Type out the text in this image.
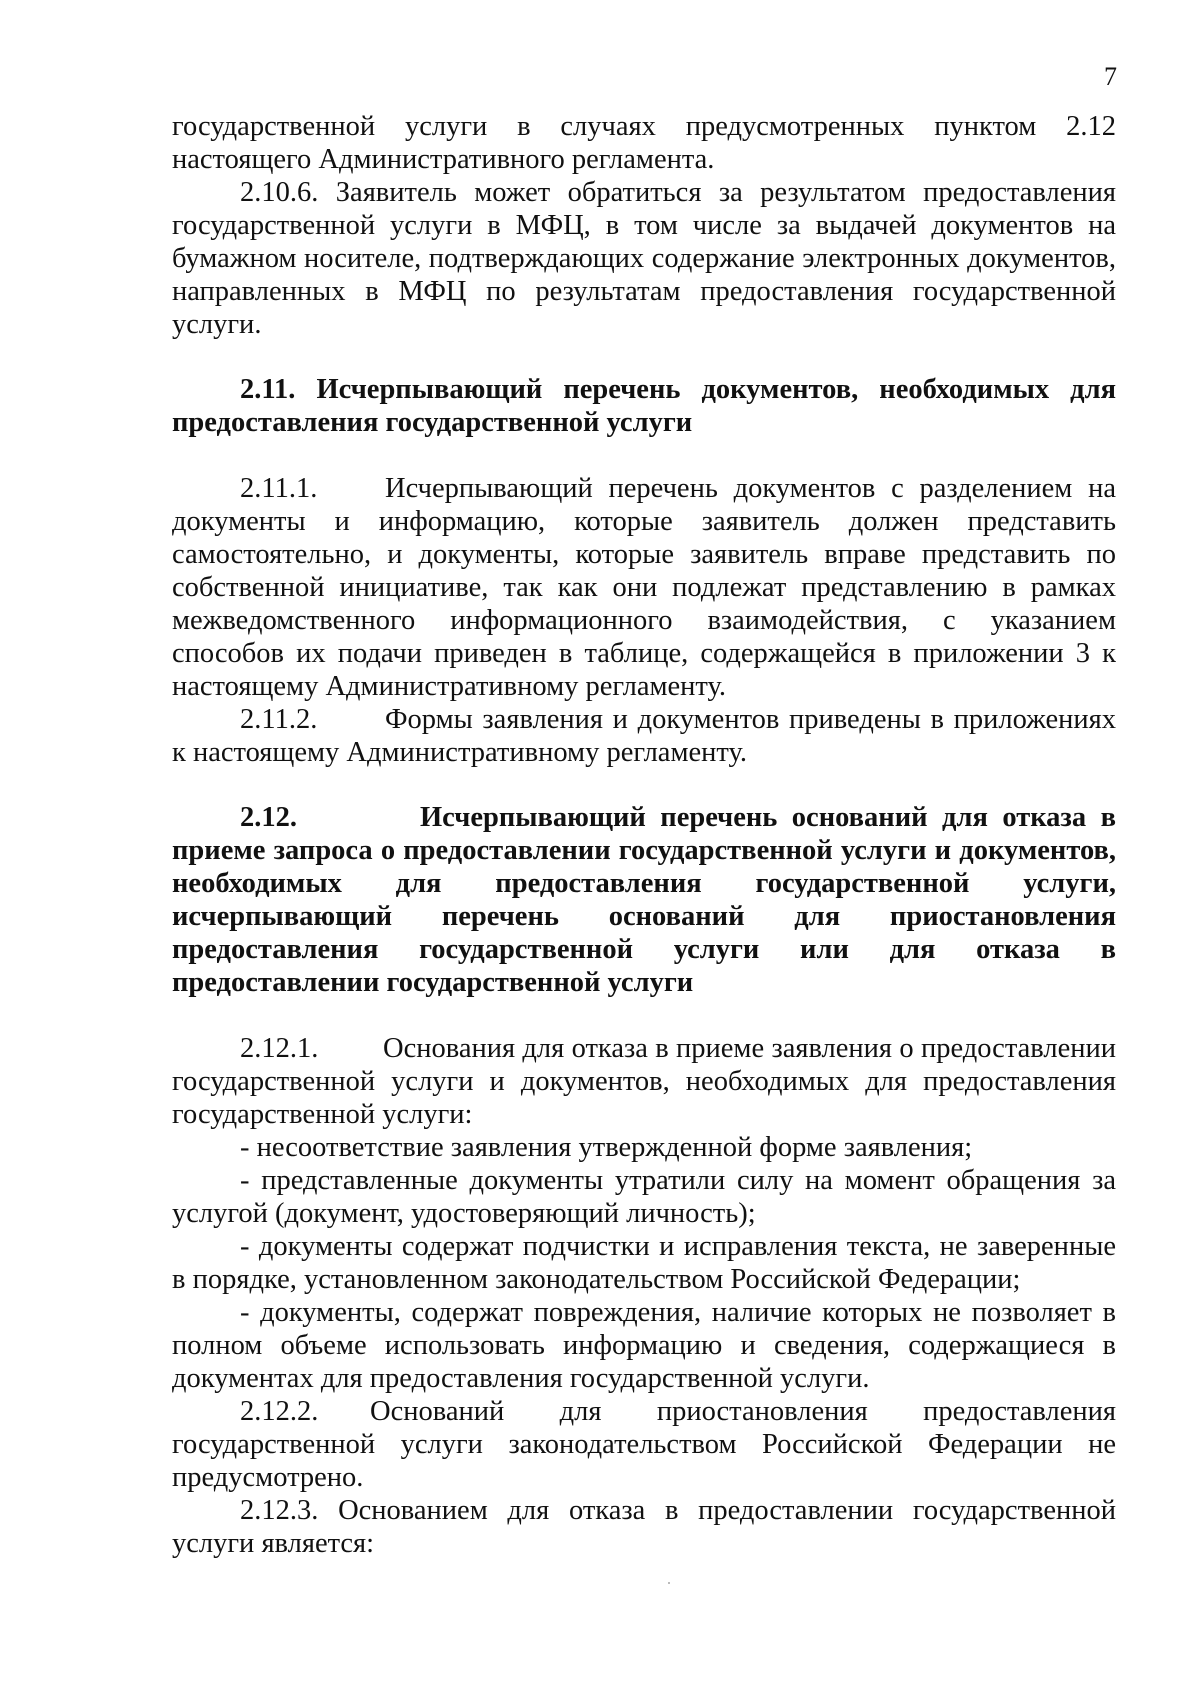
7

государственной услуги в случаях предусмотренных пунктом 2.12 настоящего Административного регламента.

2.10.6. Заявитель может обратиться за результатом предоставления государственной услуги в МФЦ, в том числе за выдачей документов на бумажном носителе, подтверждающих содержание электронных документов, направленных в МФЦ по результатам предоставления государственной услуги.

2.11. Исчерпывающий перечень документов, необходимых для предоставления государственной услуги

2.11.1. Исчерпывающий перечень документов с разделением на документы и информацию, которые заявитель должен представить самостоятельно, и документы, которые заявитель вправе представить по собственной инициативе, так как они подлежат представлению в рамках межведомственного информационного взаимодействия, с указанием способов их подачи приведен в таблице, содержащейся в приложении 3 к настоящему Административному регламенту.

2.11.2. Формы заявления и документов приведены в приложениях к настоящему Административному регламенту.

2.12.	Исчерпывающий перечень оснований для отказа в приеме запроса о предоставлении государственной услуги и документов, необходимых для предоставления государственной услуги, исчерпывающий перечень оснований для приостановления предоставления государственной услуги или для отказа в предоставлении государственной услуги

2.12.1. Основания для отказа в приеме заявления о предоставлении государственной услуги и документов, необходимых для предоставления государственной услуги:

- несоответствие заявления утвержденной форме заявления;

- представленные документы утратили силу на момент обращения за услугой (документ, удостоверяющий личность);

- документы содержат подчистки и исправления текста, не заверенные в порядке, установленном законодательством Российской Федерации;

- документы, содержат повреждения, наличие которых не позволяет в полном объеме использовать информацию и сведения, содержащиеся в документах для предоставления государственной услуги.

2.12.2. Оснований для приостановления предоставления государственной услуги законодательством Российской Федерации не предусмотрено.

2.12.3. Основанием для отказа в предоставлении государственной услуги является:
